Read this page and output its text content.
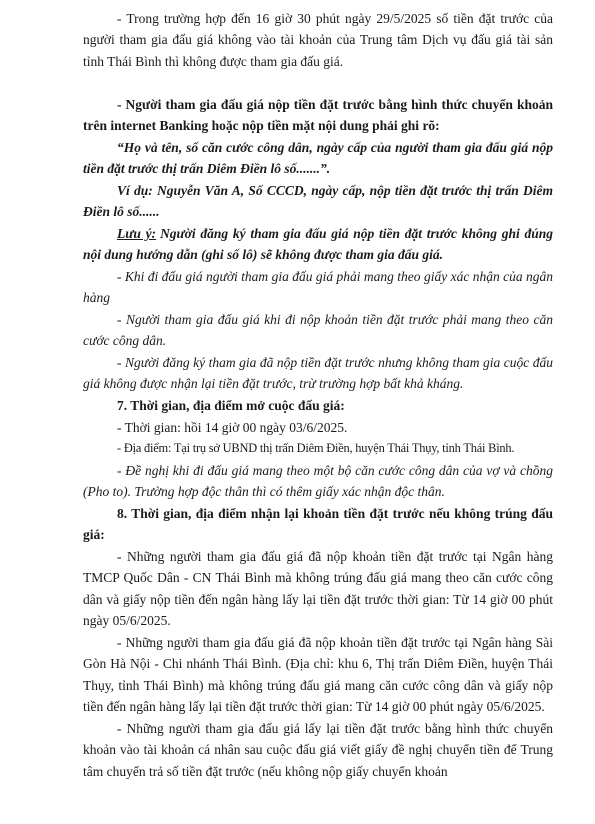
- Trong trường hợp đến 16 giờ 30 phút ngày 29/5/2025 số tiền đặt trước của người tham gia đấu giá không vào tài khoản của Trung tâm Dịch vụ đấu giá tài sản tỉnh Thái Bình thì không được tham gia đấu giá.

- Người tham gia đấu giá nộp tiền đặt trước bằng hình thức chuyển khoản trên internet Banking hoặc nộp tiền mặt nội dung phải ghi rõ:

“Họ và tên, số căn cước công dân, ngày cấp của người tham gia đấu giá nộp tiền đặt trước thị trấn Diêm Điền lô số.......”.

Ví dụ: Nguyễn Văn A, Số CCCD, ngày cấp, nộp tiền đặt trước thị trấn Diêm Điền lô số......

Lưu ý: Người đăng ký tham gia đấu giá nộp tiền đặt trước không ghi đúng nội dung hướng dẫn (ghi số lô) sẽ không được tham gia đấu giá.

- Khi đi đấu giá người tham gia đấu giá phải mang theo giấy xác nhận của ngân hàng

- Người tham gia đấu giá khi đi nộp khoản tiền đặt trước phải mang theo căn cước công dân.

- Người đăng ký tham gia đã nộp tiền đặt trước nhưng không tham gia cuộc đấu giá không được nhận lại tiền đặt trước, trừ trường hợp bất khả kháng.

7. Thời gian, địa điểm mở cuộc đấu giá:

- Thời gian: hồi 14 giờ 00 ngày 03/6/2025.

- Địa điểm: Tại trụ sở UBND thị trấn Diêm Điền, huyện Thái Thụy, tỉnh Thái Bình.

- Đề nghị khi đi đấu giá mang theo một bộ căn cước công dân của vợ và chồng (Pho to). Trường hợp độc thân thì có thêm giấy xác nhận độc thân.

8. Thời gian, địa điểm nhận lại khoản tiền đặt trước nếu không trúng đấu giá:

- Những người tham gia đấu giá đã nộp khoản tiền đặt trước tại Ngân hàng TMCP Quốc Dân - CN Thái Bình mà không trúng đấu giá mang theo căn cước công dân và giấy nộp tiền đến ngân hàng lấy lại tiền đặt trước thời gian: Từ 14 giờ 00 phút ngày 05/6/2025.

- Những người tham gia đấu giá đã nộp khoản tiền đặt trước tại Ngân hàng Sài Gòn Hà Nội - Chi nhánh Thái Bình. (Địa chỉ: khu 6, Thị trấn Diêm Điền, huyện Thái Thụy, tỉnh Thái Bình) mà không trúng đấu giá mang căn cước công dân và giấy nộp tiền đến ngân hàng lấy lại tiền đặt trước thời gian: Từ 14 giờ 00 phút ngày 05/6/2025.

- Những người tham gia đấu giá lấy lại tiền đặt trước bằng hình thức chuyển khoản vào tài khoản cá nhân sau cuộc đấu giá viết giấy đề nghị chuyển tiền để Trung tâm chuyển trả số tiền đặt trước (nếu không nộp giấy chuyển khoản
